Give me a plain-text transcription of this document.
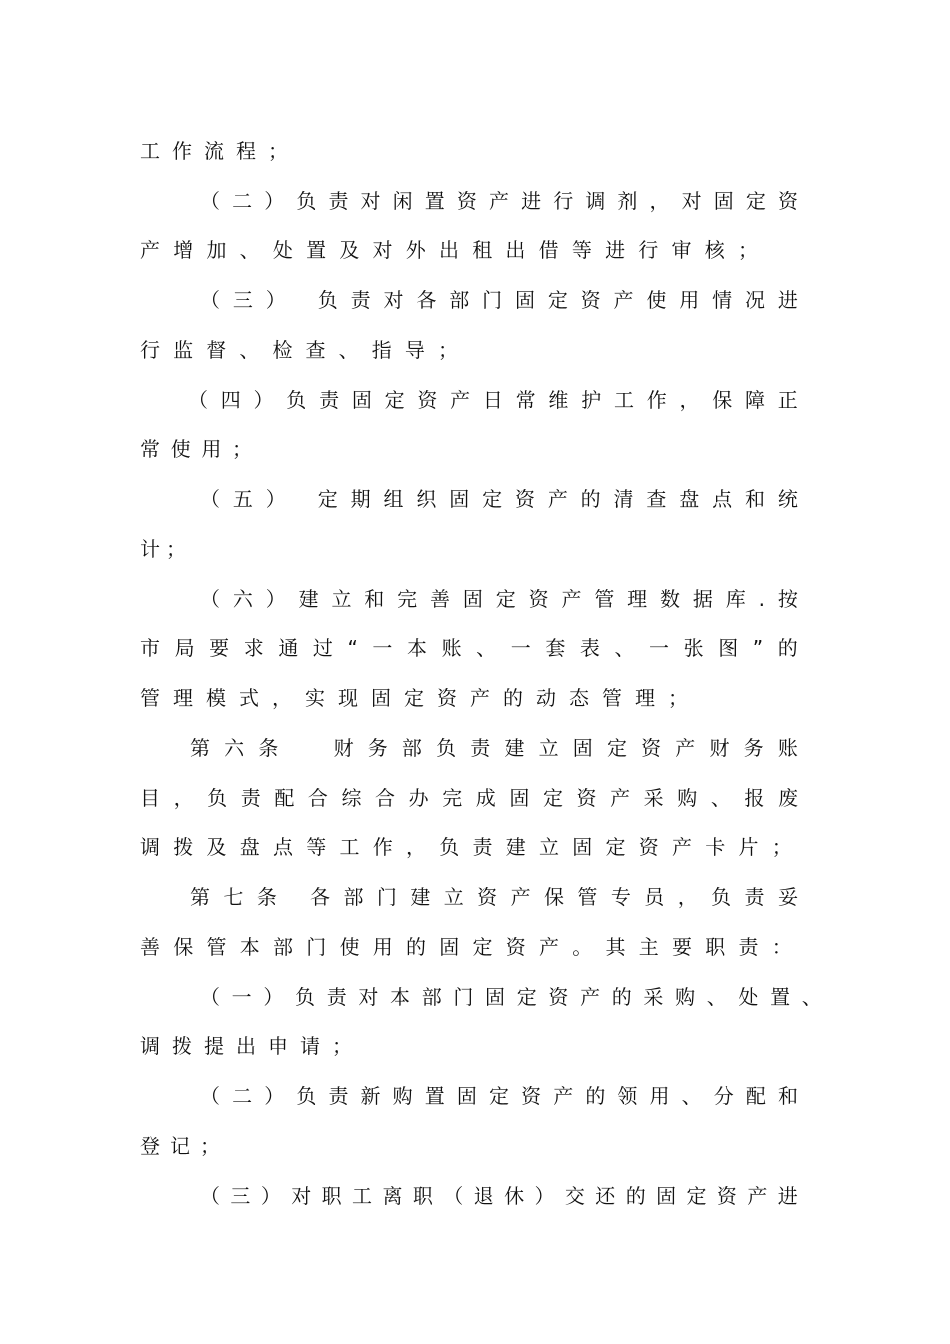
工 作 流 程 ；
（ 二 ） 负 责 对 闲 置 资 产 进 行 调 剂 ， 对 固 定 资
产 增 加 、 处 置 及 对 外 出 租 出 借 等 进 行 审 核 ；
（ 三 ）
负 责 对 各 部 门 固 定 资 产 使 用 情 况 进
行 监 督 、 检 查 、 指 导 ；
（ 四 ） 负 责 固 定 资 产 日 常 维 护 工 作 ， 保 障 正
常 使 用 ；
（ 五 ）
定 期 组 织 固 定 资 产 的 清 查 盘 点 和 统
计 ；
（ 六 ） 建 立 和 完 善 固 定 资 产 管 理 数 据 库 . 按
市 局 要 求 通 过 “ 一 本 账 、 一 套 表 、 一 张 图 ” 的
管 理 模 式 ， 实 现 固 定 资 产 的 动 态 管 理 ；
第 六 条

	财 务 部 负 责 建 立 固 定 资 产 财 务 账
目 ， 负 责 配 合 综 合 办 完 成 固 定 资 产 采 购 、 报 废
调 拨 及 盘 点 等 工 作 ， 负 责 建 立 固 定 资 产 卡 片 ；
第 七 条
各 部 门 建 立 资 产 保 管 专 员 ， 负 责 妥
善 保 管 本 部 门 使 用 的 固 定 资 产 。 其 主 要 职 责 ：
（ 一 ） 负 责 对 本 部 门 固 定 资 产 的 采 购 、 处 置 、
调 拨 提 出 申 请 ；
（ 二 ） 负 责 新 购 置 固 定 资 产 的 领 用 、 分 配 和
登 记 ；
（ 三 ） 对 职 工 离 职 （ 退 休 ） 交 还 的 固 定 资 产 进
